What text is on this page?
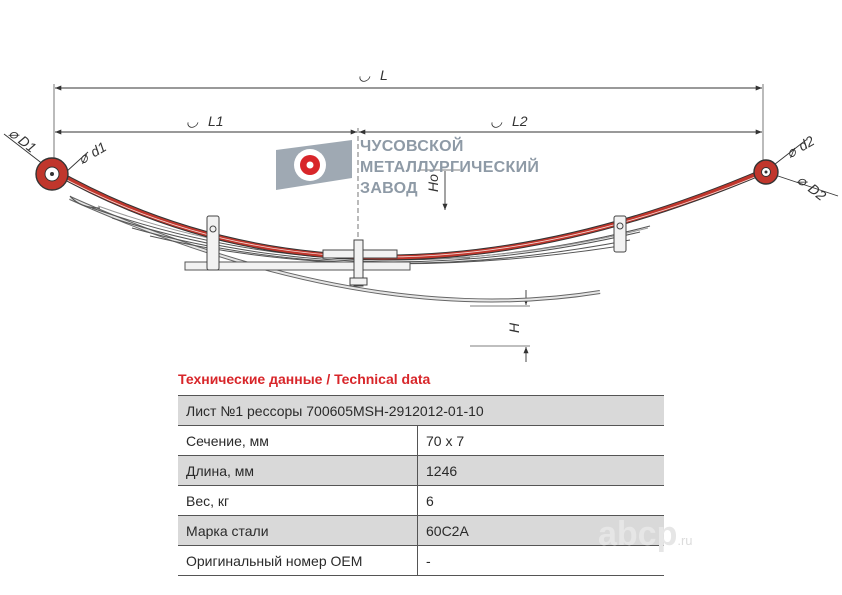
◡ L
◡ L1	◡ L2
Ho
H
⌀
D1
⌀
d1	⌀
d2
⌀
D2
ЧУСОВСКОЙ
МЕТАЛЛУРГИЧЕСКИЙ
ЗАВОД
Технические данные / Technical data
Лист №1 рессоры 700605MSH-2912012-01-10	
Сечение, мм	70 x 7
Длина, мм	1246
Вес, кг	6
Марка стали	60С2А
Оригинальный номер OEM	-
abcp.ru
